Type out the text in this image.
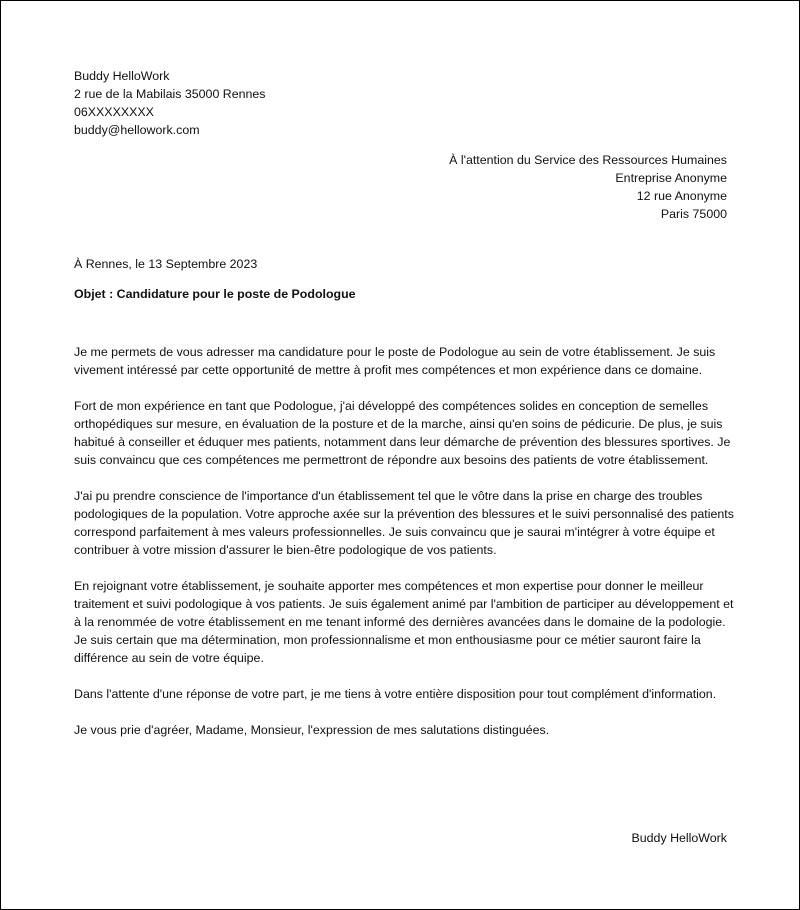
Buddy HelloWork
2 rue de la Mabilais 35000 Rennes
06XXXXXXXX
buddy@hellowork.com
À l'attention du Service des Ressources Humaines
Entreprise Anonyme
12 rue Anonyme
Paris 75000
À Rennes, le 13 Septembre 2023
Objet : Candidature pour le poste de Podologue

Je me permets de vous adresser ma candidature pour le poste de Podologue au sein de votre établissement. Je suis vivement intéressé par cette opportunité de mettre à profit mes compétences et mon expérience dans ce domaine.

Fort de mon expérience en tant que Podologue, j'ai développé des compétences solides en conception de semelles orthopédiques sur mesure, en évaluation de la posture et de la marche, ainsi qu'en soins de pédicurie. De plus, je suis habitué à conseiller et éduquer mes patients, notamment dans leur démarche de prévention des blessures sportives. Je suis convaincu que ces compétences me permettront de répondre aux besoins des patients de votre établissement.

J'ai pu prendre conscience de l'importance d'un établissement tel que le vôtre dans la prise en charge des troubles podologiques de la population. Votre approche axée sur la prévention des blessures et le suivi personnalisé des patients correspond parfaitement à mes valeurs professionnelles. Je suis convaincu que je saurai m'intégrer à votre équipe et contribuer à votre mission d'assurer le bien-être podologique de vos patients.

En rejoignant votre établissement, je souhaite apporter mes compétences et mon expertise pour donner le meilleur traitement et suivi podologique à vos patients. Je suis également animé par l'ambition de participer au développement et à la renommée de votre établissement en me tenant informé des dernières avancées dans le domaine de la podologie. Je suis certain que ma détermination, mon professionnalisme et mon enthousiasme pour ce métier sauront faire la différence au sein de votre équipe.

Dans l'attente d'une réponse de votre part, je me tiens à votre entière disposition pour tout complément d'information.

Je vous prie d'agréer, Madame, Monsieur, l'expression de mes salutations distinguées.

Buddy HelloWork
